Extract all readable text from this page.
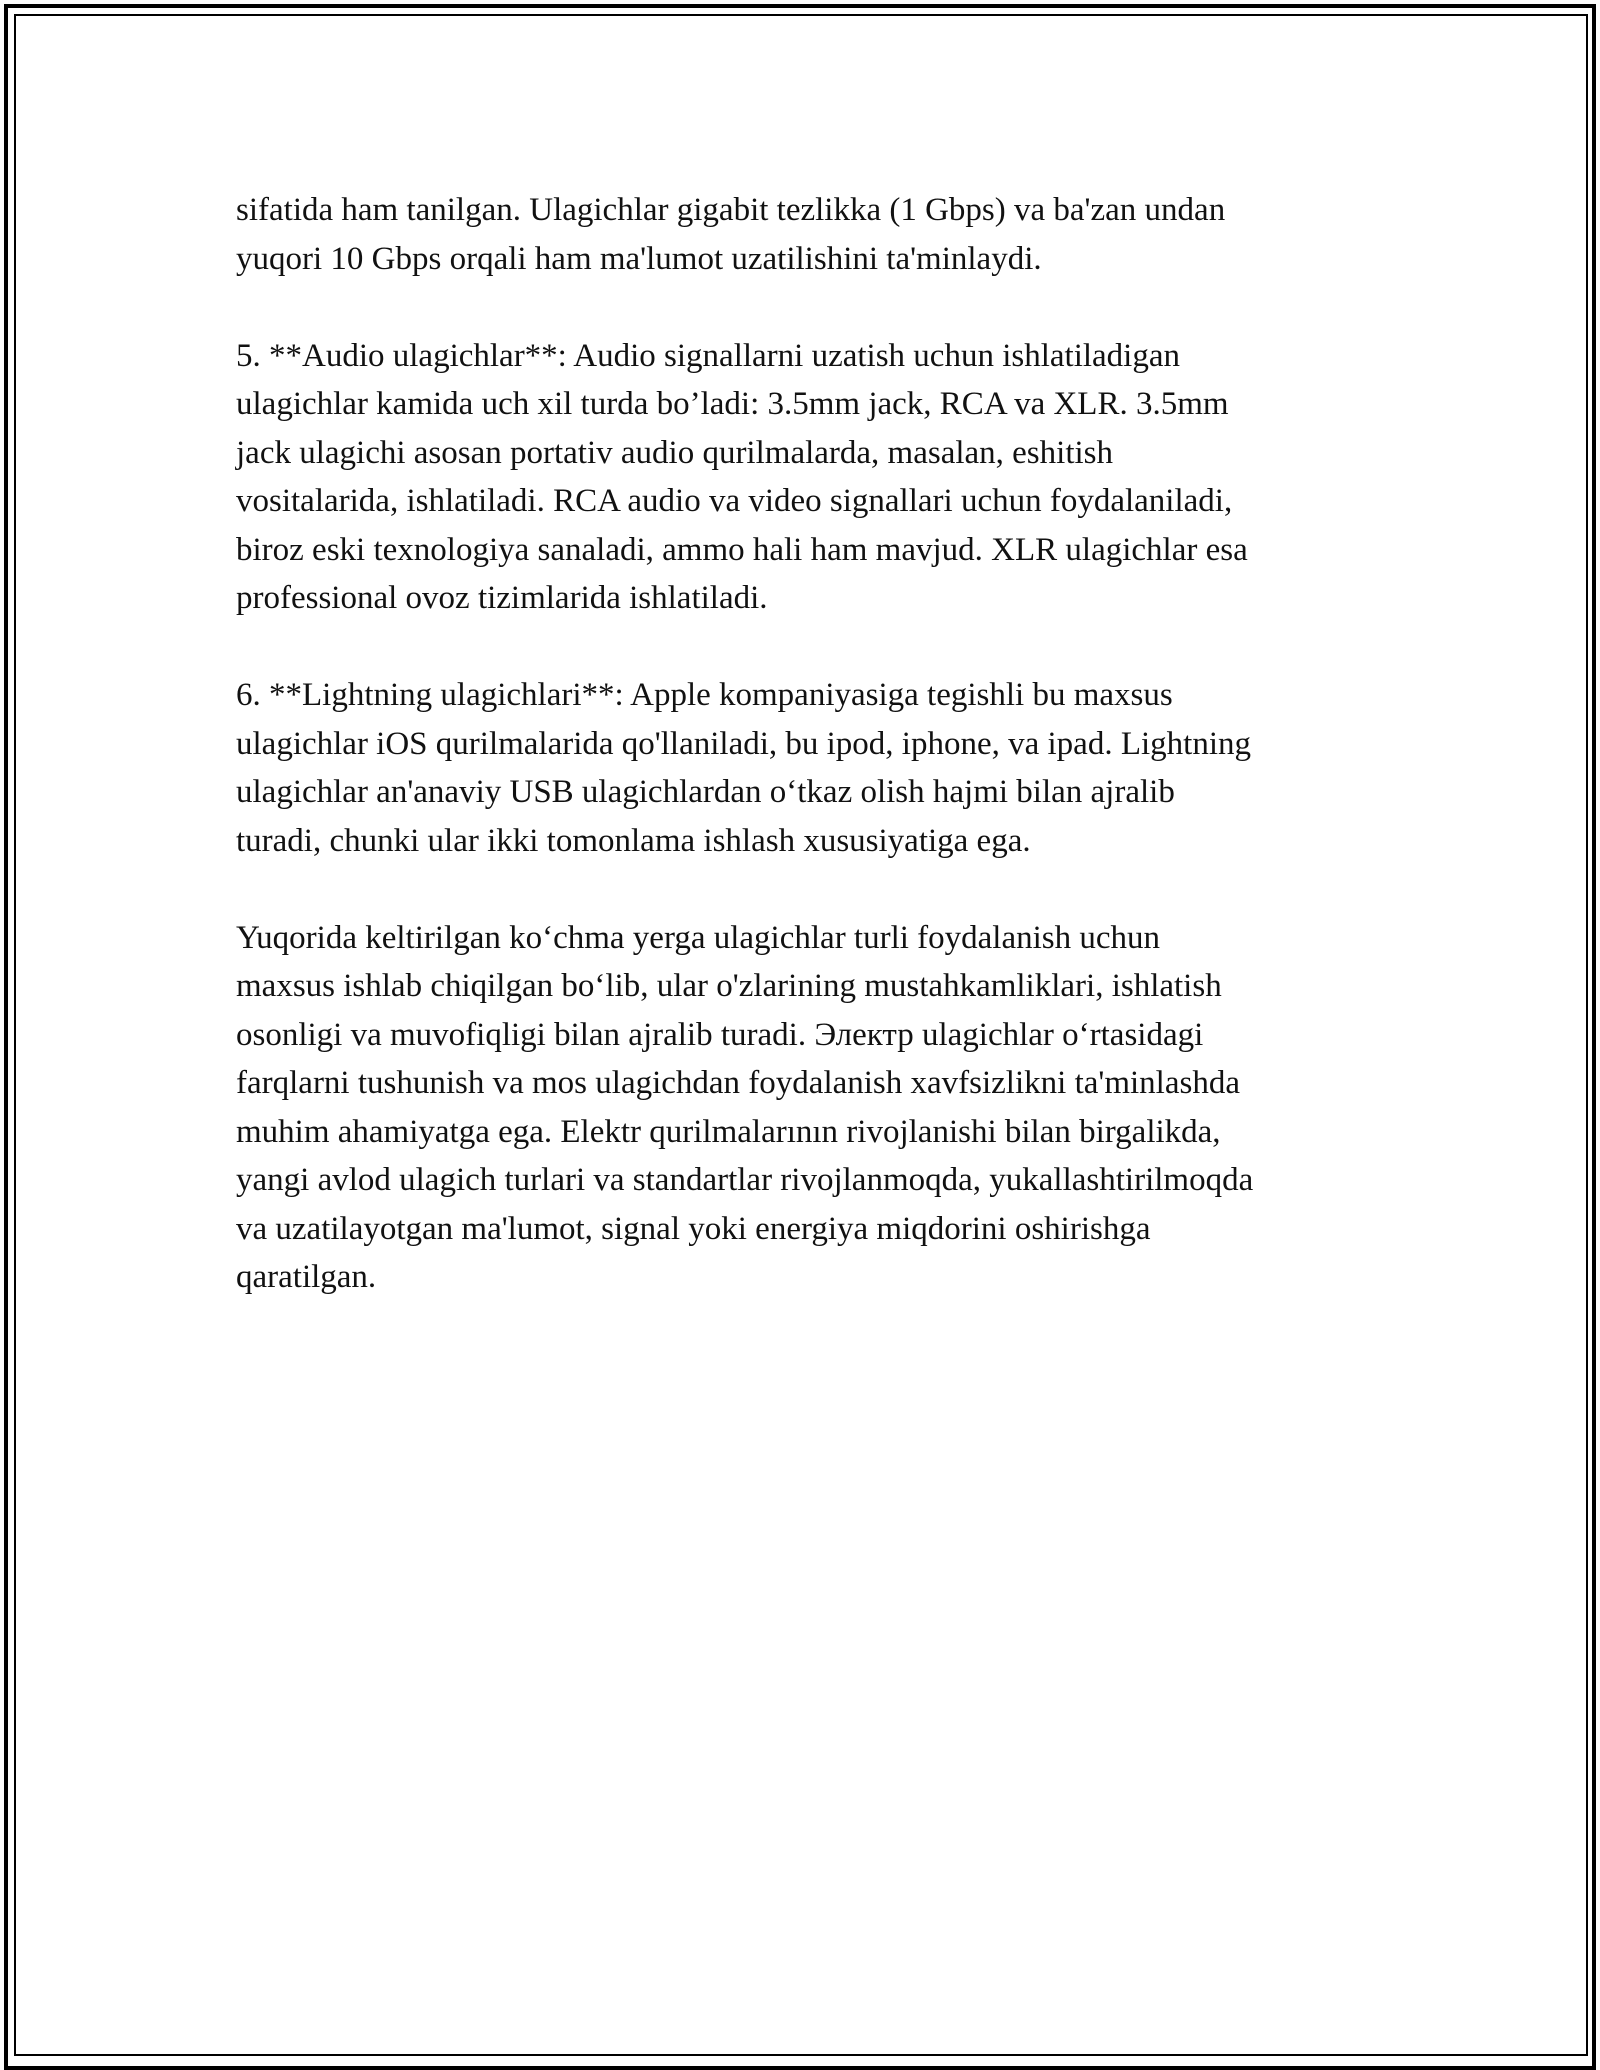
sifatida ham tanilgan. Ulagichlar gigabit tezlikka (1 Gbps) va ba'zan undan
yuqori 10 Gbps orqali ham ma'lumot uzatilishini ta'minlaydi.

5. **Audio ulagichlar**: Audio signallarni uzatish uchun ishlatiladigan
ulagichlar kamida uch xil turda bo’ladi: 3.5mm jack, RCA va XLR. 3.5mm
jack ulagichi asosan portativ audio qurilmalarda, masalan, eshitish
vositalarida, ishlatiladi. RCA audio va video signallari uchun foydalaniladi,
biroz eski texnologiya sanaladi, ammo hali ham mavjud. XLR ulagichlar esa
professional ovoz tizimlarida ishlatiladi.

6. **Lightning ulagichlari**: Apple kompaniyasiga tegishli bu maxsus
ulagichlar iOS qurilmalarida qo'llaniladi, bu ipod, iphone, va ipad. Lightning
ulagichlar an'anaviy USB ulagichlardan o‘tkaz olish hajmi bilan ajralib
turadi, chunki ular ikki tomonlama ishlash xususiyatiga ega.

Yuqorida keltirilgan ko‘chma yerga ulagichlar turli foydalanish uchun
maxsus ishlab chiqilgan bo‘lib, ular o'zlarining mustahkamliklari, ishlatish
osonligi va muvofiqligi bilan ajralib turadi. Электр ulagichlar o‘rtasidagi
farqlarni tushunish va mos ulagichdan foydalanish xavfsizlikni ta'minlashda
muhim ahamiyatga ega. Elektr qurilmalarının rivojlanishi bilan birgalikda,
yangi avlod ulagich turlari va standartlar rivojlanmoqda, yukallashtirilmoqda
va uzatilayotgan ma'lumot, signal yoki energiya miqdorini oshirishga
qaratilgan.
